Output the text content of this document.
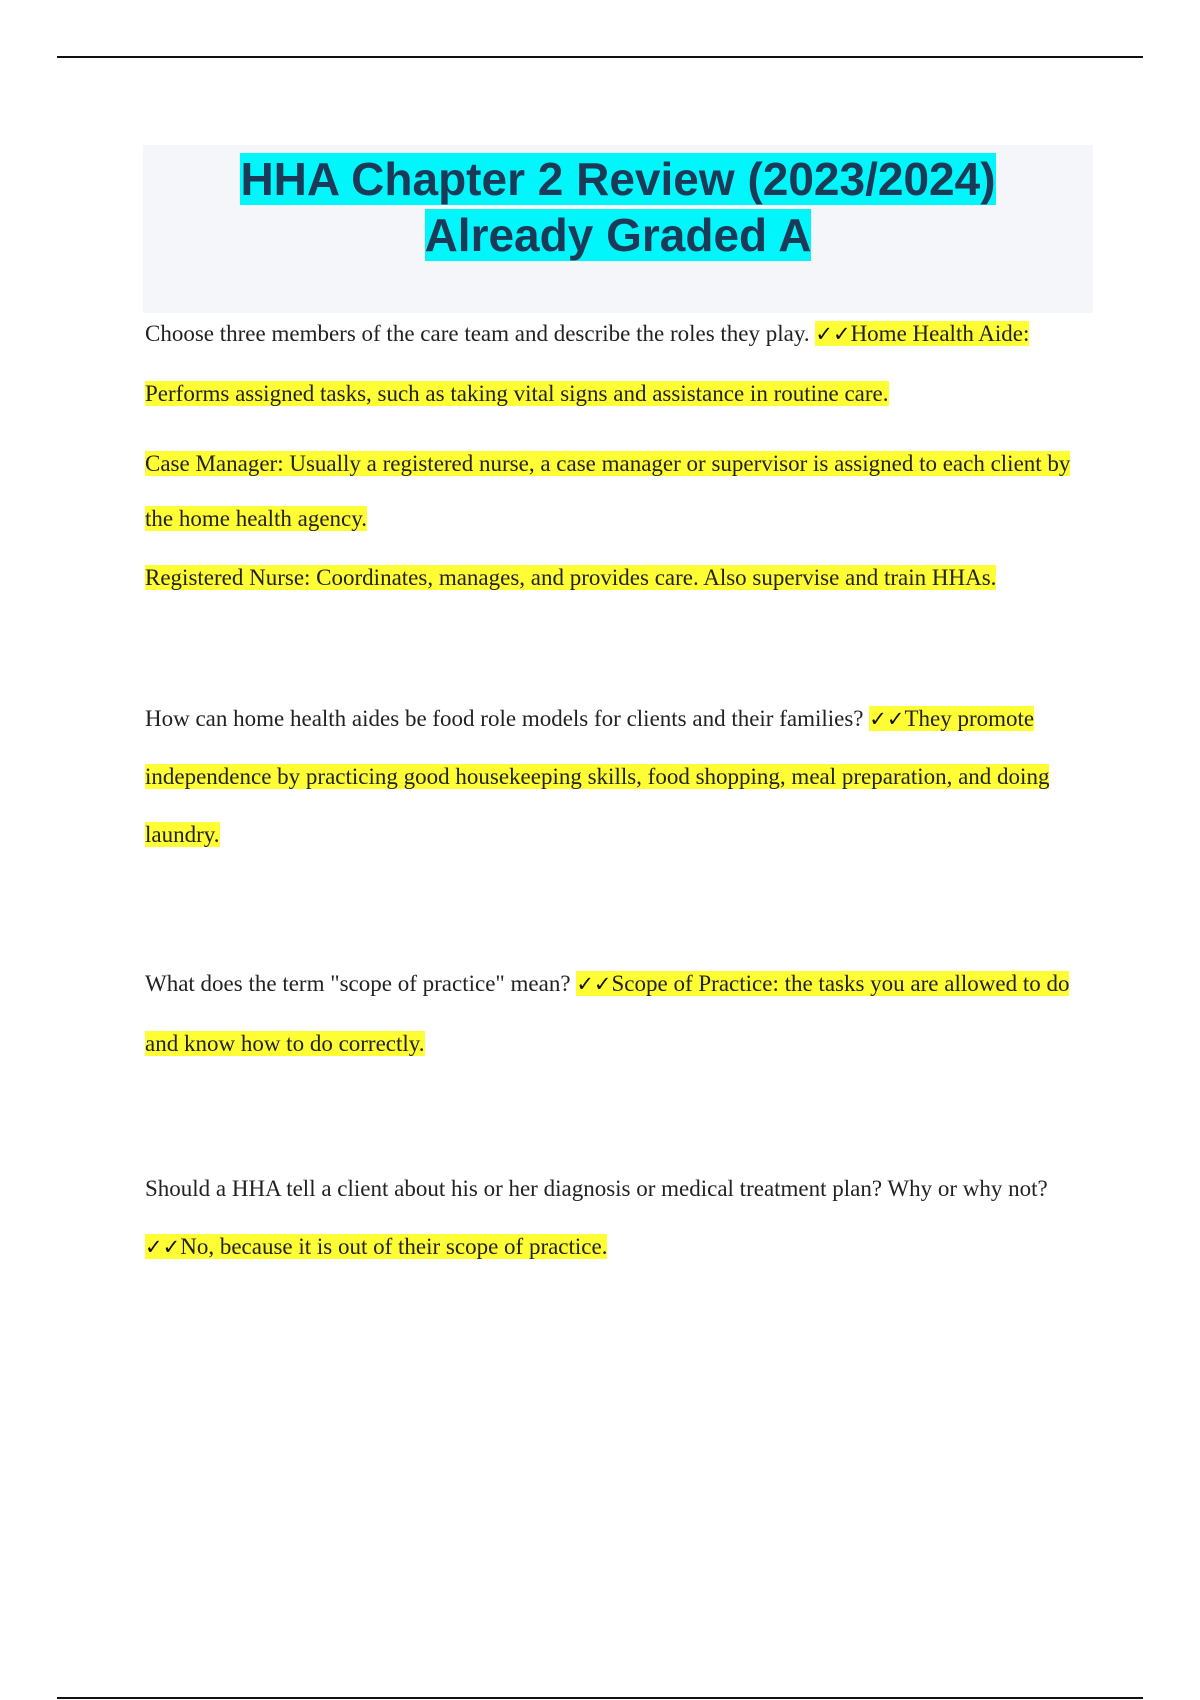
HHA Chapter 2 Review (2023/2024)
Already Graded A

Choose three members of the care team and describe the roles they play. ✓✓Home Health Aide: Performs assigned tasks, such as taking vital signs and assistance in routine care.

Case Manager: Usually a registered nurse, a case manager or supervisor is assigned to each client by the home health agency.

Registered Nurse: Coordinates, manages, and provides care. Also supervise and train HHAs.

How can home health aides be food role models for clients and their families? ✓✓They promote independence by practicing good housekeeping skills, food shopping, meal preparation, and doing laundry.

What does the term "scope of practice" mean? ✓✓Scope of Practice: the tasks you are allowed to do and know how to do correctly.

Should a HHA tell a client about his or her diagnosis or medical treatment plan? Why or why not? ✓✓No, because it is out of their scope of practice.
